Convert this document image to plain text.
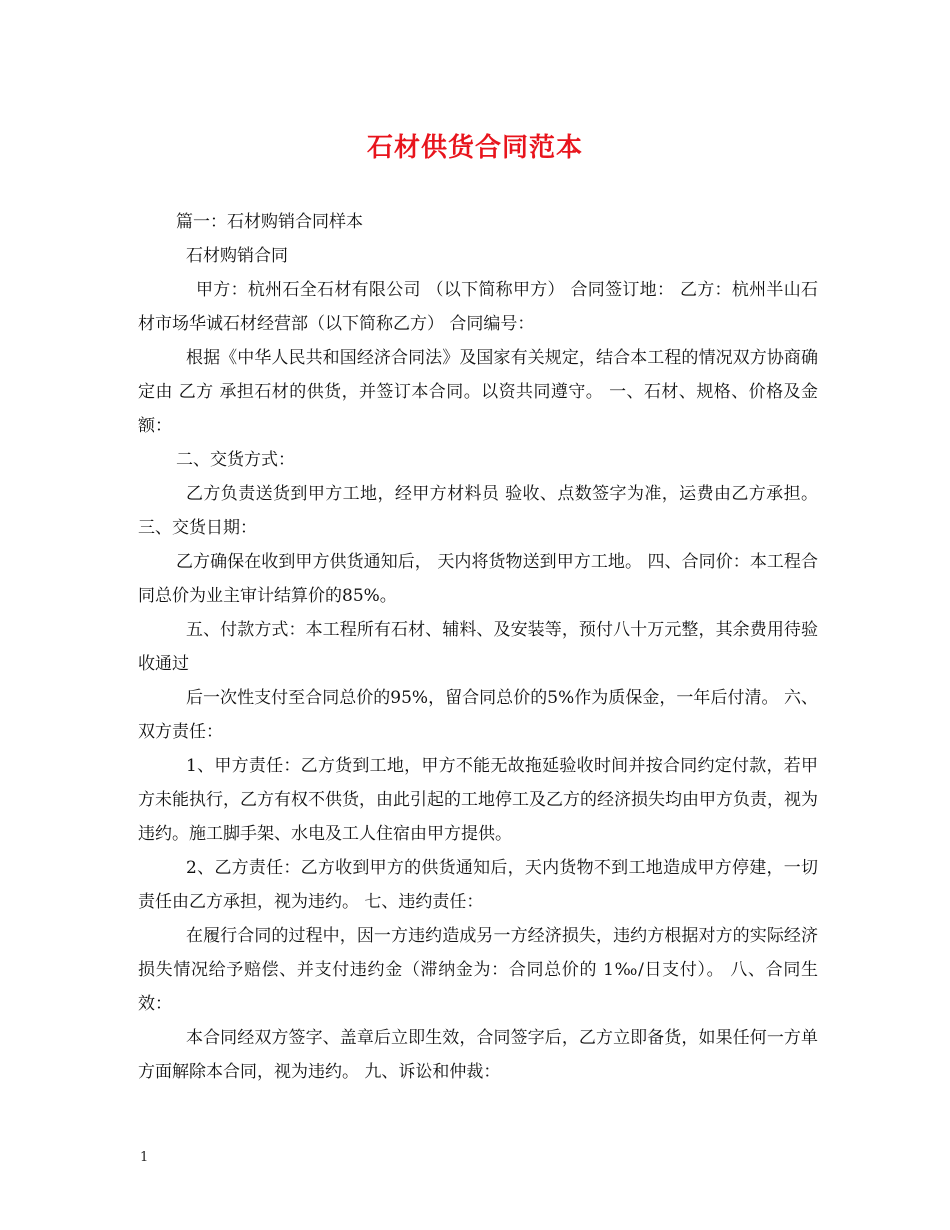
石材供货合同范本

篇一：石材购销合同样本

石材购销合同

甲方：杭州石全石材有限公司 （以下简称甲方） 合同签订地： 乙方：杭州半山石材市场华诚石材经营部（以下简称乙方） 合同编号：

根据《中华人民共和国经济合同法》及国家有关规定，结合本工程的情况双方协商确定由 乙方 承担石材的供货，并签订本合同。以资共同遵守。 一、石材、规格、价格及金额：

二、交货方式：

乙方负责送货到甲方工地，经甲方材料员 验收、点数签字为准，运费由乙方承担。 三、交货日期：

乙方确保在收到甲方供货通知后， 天内将货物送到甲方工地。 四、合同价：本工程合同总价为业主审计结算价的85%。

五、付款方式：本工程所有石材、辅料、及安装等，预付八十万元整，其余费用待验收通过

后一次性支付至合同总价的95%，留合同总价的5%作为质保金，一年后付清。 六、双方责任：

1、甲方责任：乙方货到工地，甲方不能无故拖延验收时间并按合同约定付款，若甲方未能执行，乙方有权不供货，由此引起的工地停工及乙方的经济损失均由甲方负责，视为违约。施工脚手架、水电及工人住宿由甲方提供。

2、乙方责任：乙方收到甲方的供货通知后，天内货物不到工地造成甲方停建，一切责任由乙方承担，视为违约。 七、违约责任：

在履行合同的过程中，因一方违约造成另一方经济损失，违约方根据对方的实际经济损失情况给予赔偿、并支付违约金（滞纳金为：合同总价的 1‰/日支付）。 八、合同生效：

本合同经双方签字、盖章后立即生效，合同签字后，乙方立即备货，如果任何一方单方面解除本合同，视为违约。 九、诉讼和仲裁：

1
